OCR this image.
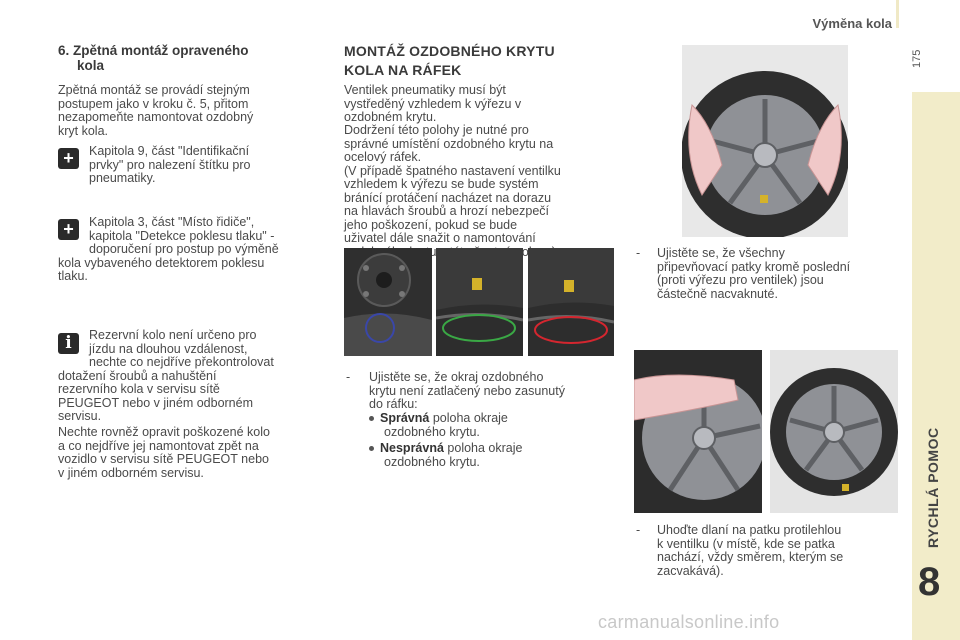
Výměna kola
175
RYCHLÁ POMOC
8
6. Zpětná montáž opraveného
kola
Zpětná montáž se provádí stejným
postupem jako v kroku č. 5, přitom
nezapomeňte namontovat ozdobný
kryt kola.
+	Kapitola 9, část "Identifikační
prvky" pro nalezení štítku pro
pneumatiky.
+	Kapitola 3, část "Místo řidiče",
kapitola "Detekce poklesu tlaku" -
doporučení pro postup po výměně
kola vybaveného detektorem poklesu
tlaku.
i	Rezervní kolo není určeno pro
jízdu na dlouhou vzdálenost,
nechte co nejdříve překontrolovat
dotažení šroubů a nahuštění
rezervního kola v servisu sítě
PEUGEOT nebo v jiném odborném
servisu.
Nechte rovněž opravit poškozené kolo
a co nejdříve jej namontovat zpět na
vozidlo v servisu sítě PEUGEOT nebo
v jiném odborném servisu.
MONTÁŽ OZDOBNÉHO KRYTU
KOLA NA RÁFEK
Ventilek pneumatiky musí být
vystředěný vzhledem k výřezu v
ozdobném krytu.
Dodržení této polohy je nutné pro
správné umístění ozdobného krytu na
ocelový ráfek.
(V případě špatného nastavení ventilku
vzhledem k výřezu se bude systém
bránící protáčení nacházet na dorazu
na hlavách šroubů a hrozí nebezpečí
jeho poškození, pokud se bude
uživatel dále snažit o namontování
- Ujistěte se, že okraj ozdobného
krytu není zatlačený nebo zasunutý
do ráfku:
Správná poloha okraje
ozdobného krytu.
Nesprávná poloha okraje
ozdobného krytu.
- Ujistěte se, že všechny
připevňovací patky kromě poslední
(proti výřezu pro ventilek) jsou
částečně nacvaknuté.
- Uhoďte dlaní na patku protilehlou
k ventilku (v místě, kde se patka
nachází, vždy směrem, kterým se
zacvakává).
carmanualsonline.info
